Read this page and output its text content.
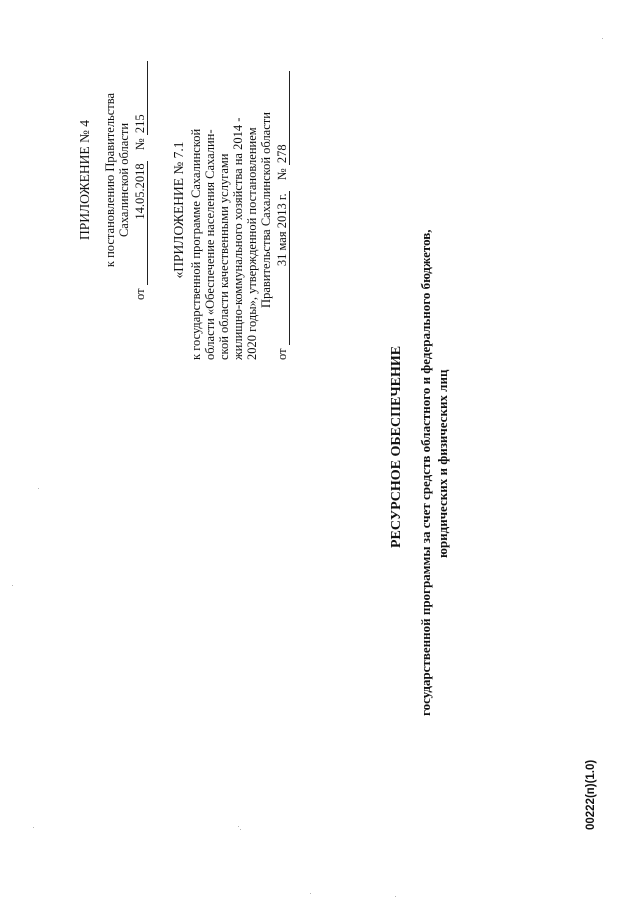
ПРИЛОЖЕНИЕ № 4 к постановлению Правительства Сахалинской области
от 14.05.2018 № 215
«ПРИЛОЖЕНИЕ № 7.1 к государственной программе Сахалинской области «Обеспечение населения Сахалин- ской области качественными услугами жилищно-коммунального хозяйства на 2014 - 2020 годы», утвержденной постановлением Правительства Сахалинской области
от 31 мая 2013 г. № 278
РЕСУРСНОЕ ОБЕСПЕЧЕНИЕ государственной программы за счет средств областного и федерального бюджетов, юридических и физических лиц
00222(п)(1.0)
